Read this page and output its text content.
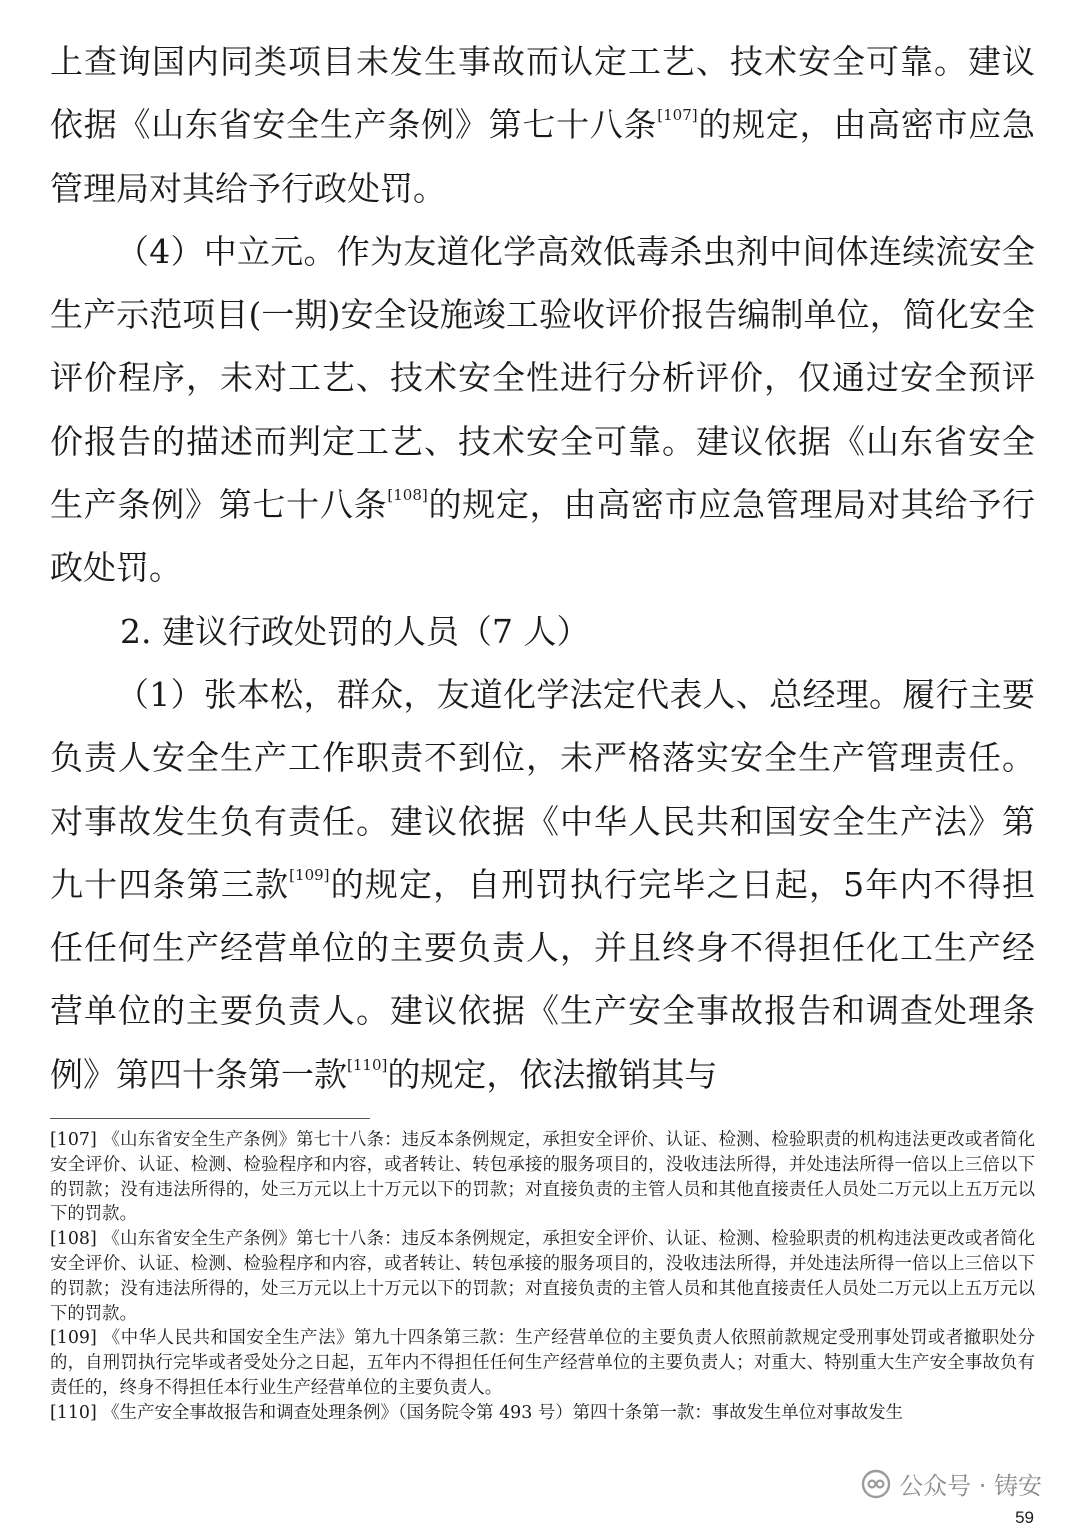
上查询国内同类项目未发生事故而认定工艺、技术安全可靠。建议依据《山东省安全生产条例》第七十八条[107]的规定，由高密市应急管理局对其给予行政处罚。

（4）中立元。作为友道化学高效低毒杀虫剂中间体连续流安全生产示范项目(一期)安全设施竣工验收评价报告编制单位，简化安全评价程序，未对工艺、技术安全性进行分析评价，仅通过安全预评价报告的描述而判定工艺、技术安全可靠。建议依据《山东省安全生产条例》第七十八条[108]的规定，由高密市应急管理局对其给予行政处罚。

2. 建议行政处罚的人员（7 人）

（1）张本松，群众，友道化学法定代表人、总经理。履行主要负责人安全生产工作职责不到位，未严格落实安全生产管理责任。对事故发生负有责任。建议依据《中华人民共和国安全生产法》第九十四条第三款[109]的规定，自刑罚执行完毕之日起，5年内不得担任任何生产经营单位的主要负责人，并且终身不得担任化工生产经营单位的主要负责人。建议依据《生产安全事故报告和调查处理条例》第四十条第一款[110]的规定，依法撤销其与

[107] 《山东省安全生产条例》第七十八条：违反本条例规定，承担安全评价、认证、检测、检验职责的机构违法更改或者简化安全评价、认证、检测、检验程序和内容，或者转让、转包承接的服务项目的，没收违法所得，并处违法所得一倍以上三倍以下的罚款；没有违法所得的，处三万元以上十万元以下的罚款；对直接负责的主管人员和其他直接责任人员处二万元以上五万元以下的罚款。

[108] 《山东省安全生产条例》第七十八条：违反本条例规定，承担安全评价、认证、检测、检验职责的机构违法更改或者简化安全评价、认证、检测、检验程序和内容，或者转让、转包承接的服务项目的，没收违法所得，并处违法所得一倍以上三倍以下的罚款；没有违法所得的，处三万元以上十万元以下的罚款；对直接负责的主管人员和其他直接责任人员处二万元以上五万元以下的罚款。

[109] 《中华人民共和国安全生产法》第九十四条第三款：生产经营单位的主要负责人依照前款规定受刑事处罚或者撤职处分的，自刑罚执行完毕或者受处分之日起，五年内不得担任任何生产经营单位的主要负责人；对重大、特别重大生产安全事故负有责任的，终身不得担任本行业生产经营单位的主要负责人。

[110] 《生产安全事故报告和调查处理条例》（国务院令第 493 号）第四十条第一款：事故发生单位对事故发生

公众号 · 铸安
59
